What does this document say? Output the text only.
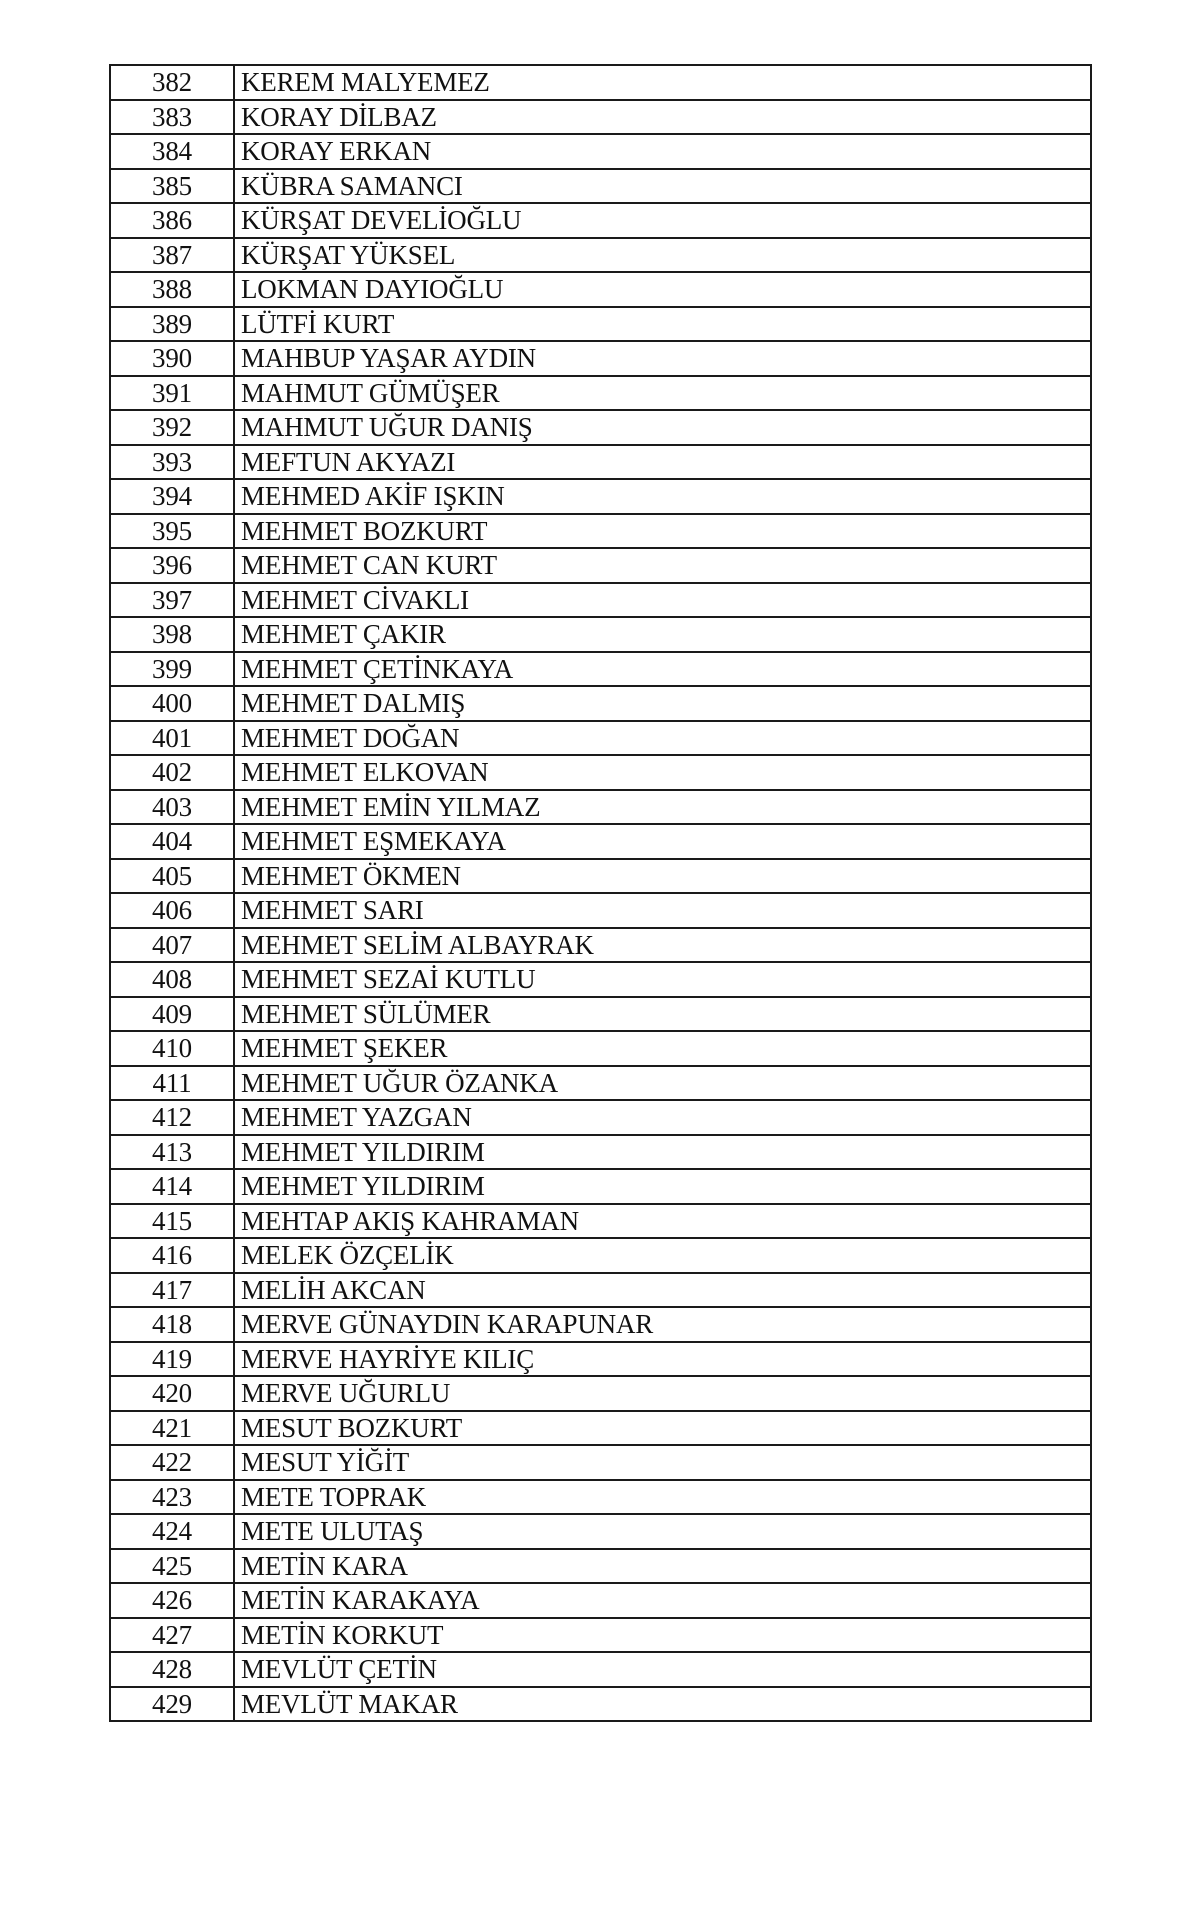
382	KEREM MALYEMEZ
383	KORAY DİLBAZ
384	KORAY ERKAN
385	KÜBRA SAMANCI
386	KÜRŞAT DEVELİOĞLU
387	KÜRŞAT YÜKSEL
388	LOKMAN DAYIOĞLU
389	LÜTFİ KURT
390	MAHBUP YAŞAR AYDIN
391	MAHMUT GÜMÜŞER
392	MAHMUT UĞUR DANIŞ
393	MEFTUN AKYAZI
394	MEHMED AKİF IŞKIN
395	MEHMET BOZKURT
396	MEHMET CAN KURT
397	MEHMET CİVAKLI
398	MEHMET ÇAKIR
399	MEHMET ÇETİNKAYA
400	MEHMET DALMIŞ
401	MEHMET DOĞAN
402	MEHMET ELKOVAN
403	MEHMET EMİN YILMAZ
404	MEHMET EŞMEKAYA
405	MEHMET ÖKMEN
406	MEHMET SARI
407	MEHMET SELİM ALBAYRAK
408	MEHMET SEZAİ KUTLU
409	MEHMET SÜLÜMER
410	MEHMET ŞEKER
411	MEHMET UĞUR ÖZANKA
412	MEHMET YAZGAN
413	MEHMET YILDIRIM
414	MEHMET YILDIRIM
415	MEHTAP AKIŞ KAHRAMAN
416	MELEK ÖZÇELİK
417	MELİH AKCAN
418	MERVE GÜNAYDIN KARAPUNAR
419	MERVE HAYRİYE KILIÇ
420	MERVE UĞURLU
421	MESUT BOZKURT
422	MESUT YİĞİT
423	METE TOPRAK
424	METE ULUTAŞ
425	METİN KARA
426	METİN KARAKAYA
427	METİN KORKUT
428	MEVLÜT ÇETİN
429	MEVLÜT MAKAR
